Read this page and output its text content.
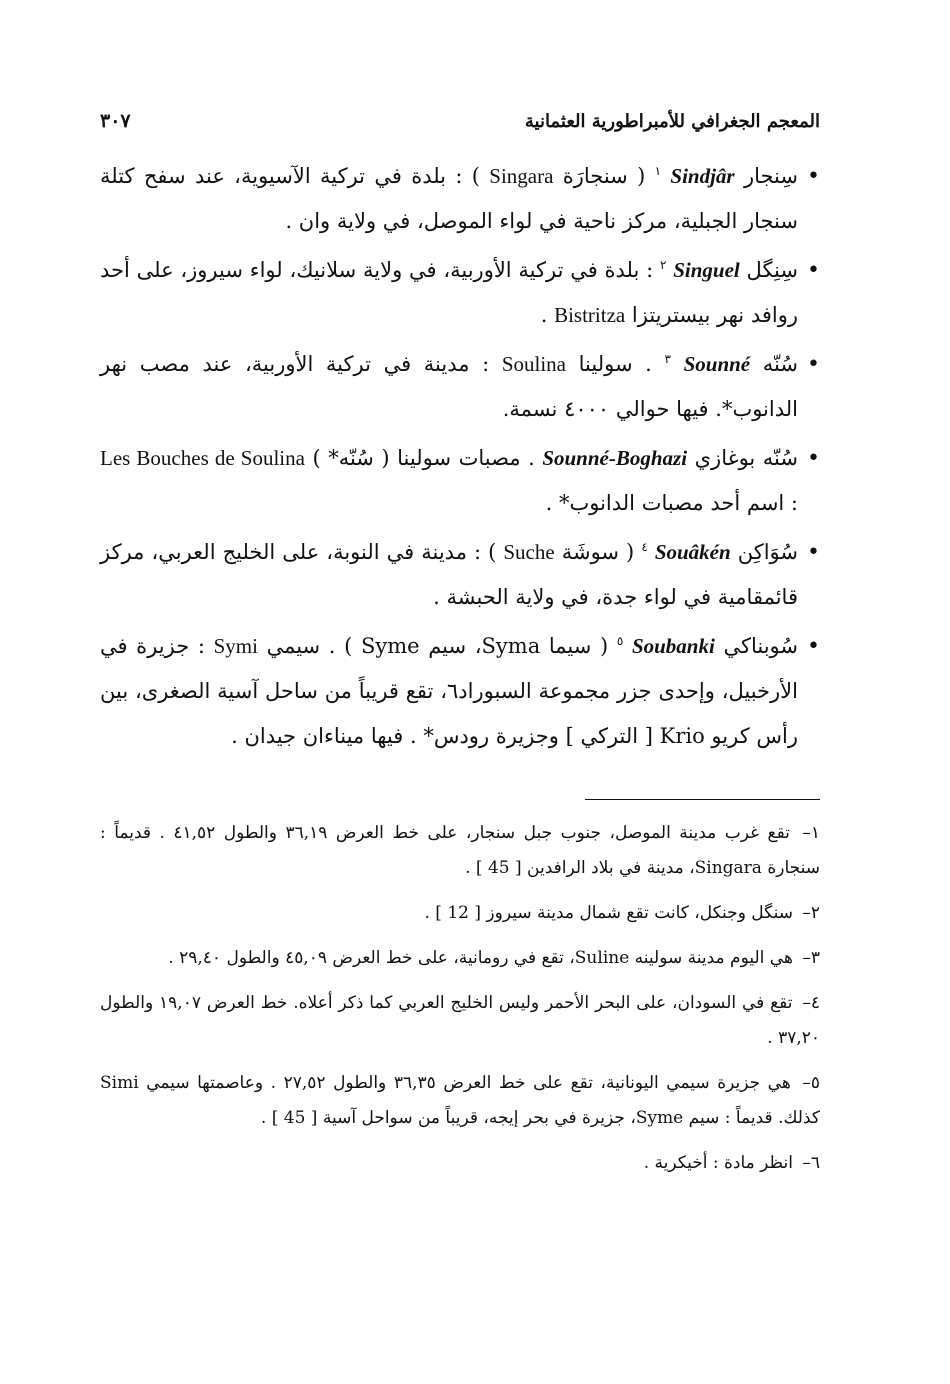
المعجم الجغرافي للأمبراطورية العثمانية
٣٠٧
• سِنجار Sindjâr $^١$ ( سنجارَة Singara ) : بلدة في تركية الآسيوية، عند سفح كتلة سنجار الجبلية، مركز ناحية في لواء الموصل، في ولاية وان .
• سِنِگل Singuel $^٢$ : بلدة في تركية الأوربية، في ولاية سلانيك، لواء سيروز، على أحد روافد نهر بيستريتزا Bistritza .
• سُنّه Sounné $^٣$ . سولينا Soulina : مدينة في تركية الأوربية، عند مصب نهر الدانوب*. فيها حوالي ٤٠٠٠ نسمة.
• سُنّه بوغازي Sounné-Boghazi . مصبات سولينا ( سُنّه* ) Les Bouches de Soulina : اسم أحد مصبات الدانوب* .
• سُوَاكِن Souâkén $^٤$ ( سوشَة Suche ) : مدينة في النوبة، على الخليج العربي، مركز قائمقامية في لواء جدة، في ولاية الحبشة .
• سُوبناكي Soubanki $^٥$ ( سيما Syma، سيم Syme ) . سيمي Symi : جزيرة في الأرخبيل، وإحدى جزر مجموعة السبوراد٦، تقع قريباً من ساحل آسية الصغرى، بين رأس كريو Krio [ التركي ] وجزيرة رودس* . فيها ميناءان جيدان .
١– تقع غرب مدينة الموصل، جنوب جبل سنجار، على خط العرض ٣٦,١٩ والطول ٤١,٥٢ . قديماً : سنجارة Singara، مدينة في بلاد الرافدين [ 45 ] .
٢– سنگل وجنكل، كانت تقع شمال مدينة سيروز [ 12 ] .
٣– هي اليوم مدينة سولينه Suline، تقع في رومانية، على خط العرض ٤٥,٠٩ والطول ٢٩,٤٠ .
٤– تقع في السودان، على البحر الأحمر وليس الخليج العربي كما ذكر أعلاه. خط العرض ١٩,٠٧ والطول ٣٧,٢٠ .
٥– هي جزيرة سيمي اليونانية، تقع على خط العرض ٣٦,٣٥ والطول ٢٧,٥٢ . وعاصمتها سيمي Simi كذلك. قديماً : سيم Syme، جزيرة في بحر إيجه، قريباً من سواحل آسية [ 45 ] .
٦– انظر مادة : أخيكرية .
